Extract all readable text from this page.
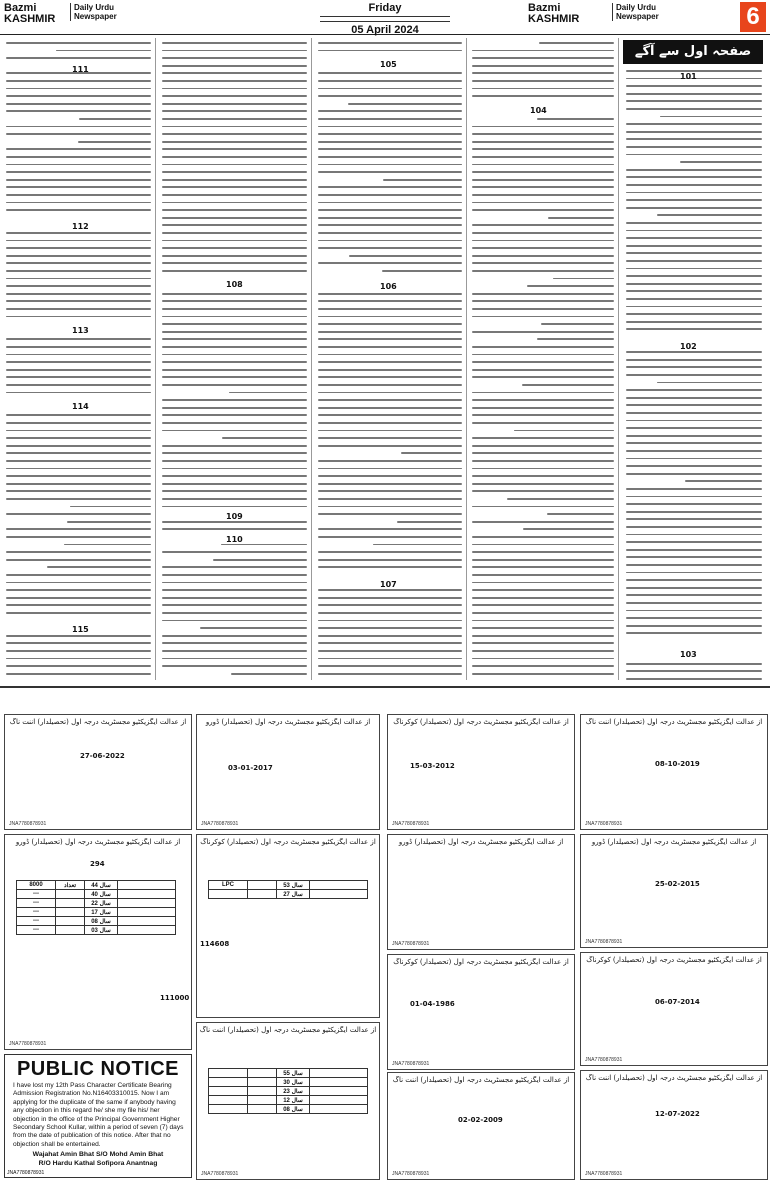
Bazmi KASHMIR
Daily Urdu Newspaper
Friday
05 April 2024
Bazmi KASHMIR
Daily Urdu Newspaper	6
صفحہ اول سے آگے
101
102
103
104
105
106
107
108
109
110
111
112
113
114
115
از عدالت ایگزیکٹیو مجسٹریٹ درجہ اول (تحصیلدار) اننت ناگ
JNA7780878931
از عدالت ایگزیکٹیو مجسٹریٹ درجہ اول (تحصیلدار) ڈورو
JNA7780878931
از عدالت ایگزیکٹیو مجسٹریٹ درجہ اول (تحصیلدار) کوکرناگ
JNA7780878931
از عدالت ایگزیکٹیو مجسٹریٹ درجہ اول (تحصیلدار) اننت ناگ
JNA7780878931
از عدالت ایگزیکٹیو مجسٹریٹ درجہ اول (تحصیلدار) ڈورو
JNA7780878931
از عدالت ایگزیکٹیو مجسٹریٹ درجہ اول (تحصیلدار) کوکرناگ
از عدالت ایگزیکٹیو مجسٹریٹ درجہ اول (تحصیلدار) اننت ناگ
JNA7780878931
از عدالت ایگزیکٹیو مجسٹریٹ درجہ اول (تحصیلدار) ڈورو
JNA7780878931
از عدالت ایگزیکٹیو مجسٹریٹ درجہ اول (تحصیلدار) کوکرناگ
JNA7780878931
از عدالت ایگزیکٹیو مجسٹریٹ درجہ اول (تحصیلدار) اننت ناگ
JNA7780878931
از عدالت ایگزیکٹیو مجسٹریٹ درجہ اول (تحصیلدار) ڈورو
JNA7780878931
از عدالت ایگزیکٹیو مجسٹریٹ درجہ اول (تحصیلدار) کوکرناگ
JNA7780878931
از عدالت ایگزیکٹیو مجسٹریٹ درجہ اول (تحصیلدار) اننت ناگ
JNA7780878931
27-06-2022
03-01-2017	15-03-2012	08-10-2019
25-02-2015
06-07-2014
01-04-1986
02-02-2009
12-07-2022
114608
111000
294
8000	تعداد	44 سال	
---		40 سال	
---		22 سال	
---		17 سال	
---		08 سال	
---		03 سال	
LPC		53 سال	
		27 سال	
		55 سال	
		30 سال	
		23 سال	
		12 سال	
		08 سال	
PUBLIC NOTICE
I have lost my 12th Pass Character Certificate Bearing Admission Registration No.N16403310015. Now I am applying for the duplicate of the same if anybody having any objection in this regard he/ she my file his/ her objection in the office of the Principal Government Higher Secondary School Kullar, within a period of seven (7) days from the date of publication of this notice. After that no objection shall be entertained.
Wajahat Amin Bhat S/O Mohd Amin Bhat
R/O Hardu Kathal Sofipora Anantnag
JNA7780878931
